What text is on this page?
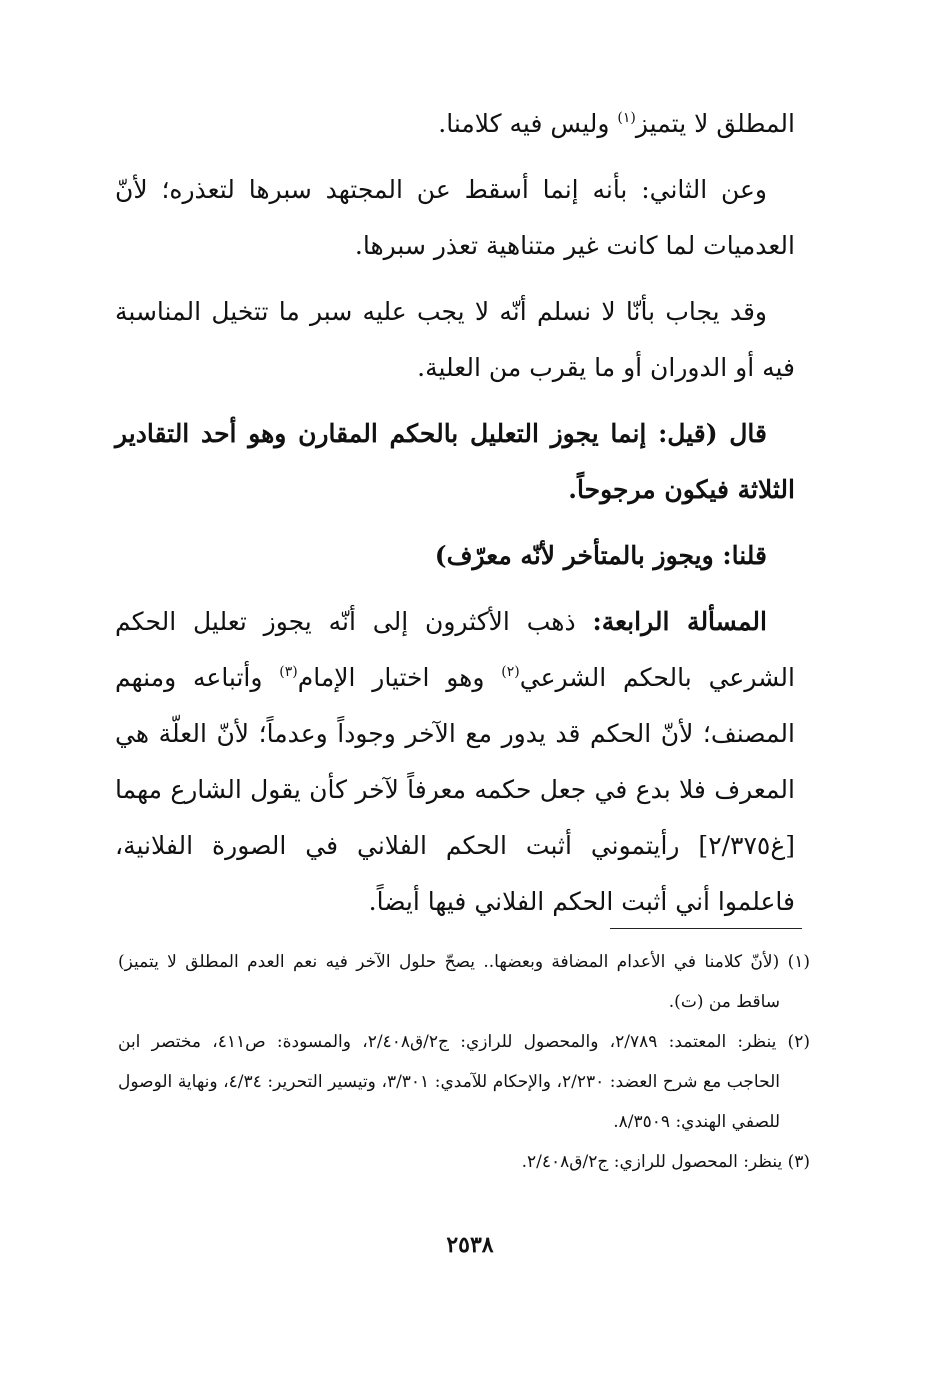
المطلق لا يتميز$^{(١)}$ وليس فيه كلامنا.

وعن الثاني: بأنه إنما أسقط عن المجتهد سبرها لتعذره؛ لأنّ العدميات لما كانت غير متناهية تعذر سبرها.

وقد يجاب بأنّا لا نسلم أنّه لا يجب عليه سبر ما تتخيل المناسبة فيه أو الدوران أو ما يقرب من العلية.

قال (قيل: إنما يجوز التعليل بالحكم المقارن وهو أحد التقادير الثلاثة فيكون مرجوحاً.

قلنا: ويجوز بالمتأخر لأنّه معرّف)

المسألة الرابعة: ذهب الأكثرون إلى أنّه يجوز تعليل الحكم الشرعي بالحكم الشرعي$^{(٢)}$ وهو اختيار الإمام$^{(٣)}$ وأتباعه ومنهم المصنف؛ لأنّ الحكم قد يدور مع الآخر وجوداً وعدماً؛ لأنّ العلّة هي المعرف فلا بدع في جعل حكمه معرفاً لآخر كأن يقول الشارع مهما [غ٢/٣٧٥] رأيتموني أثبت الحكم الفلاني في الصورة الفلانية، فاعلموا أني أثبت الحكم الفلاني فيها أيضاً.

(١) (لأنّ كلامنا في الأعدام المضافة وبعضها.. يصحّ حلول الآخر فيه نعم العدم المطلق لا يتميز) ساقط من (ت).

(٢) ينظر: المعتمد: ٢/٧٨٩، والمحصول للرازي: ج٢/ق٢/٤٠٨، والمسودة: ص٤١١، مختصر ابن الحاجب مع شرح العضد: ٢/٢٣٠، والإحكام للآمدي: ٣/٣٠١، وتيسير التحرير: ٤/٣٤، ونهاية الوصول للصفي الهندي: ٨/٣٥٠٩.

(٣) ينظر: المحصول للرازي: ج٢/ق٢/٤٠٨.

٢٥٣٨
